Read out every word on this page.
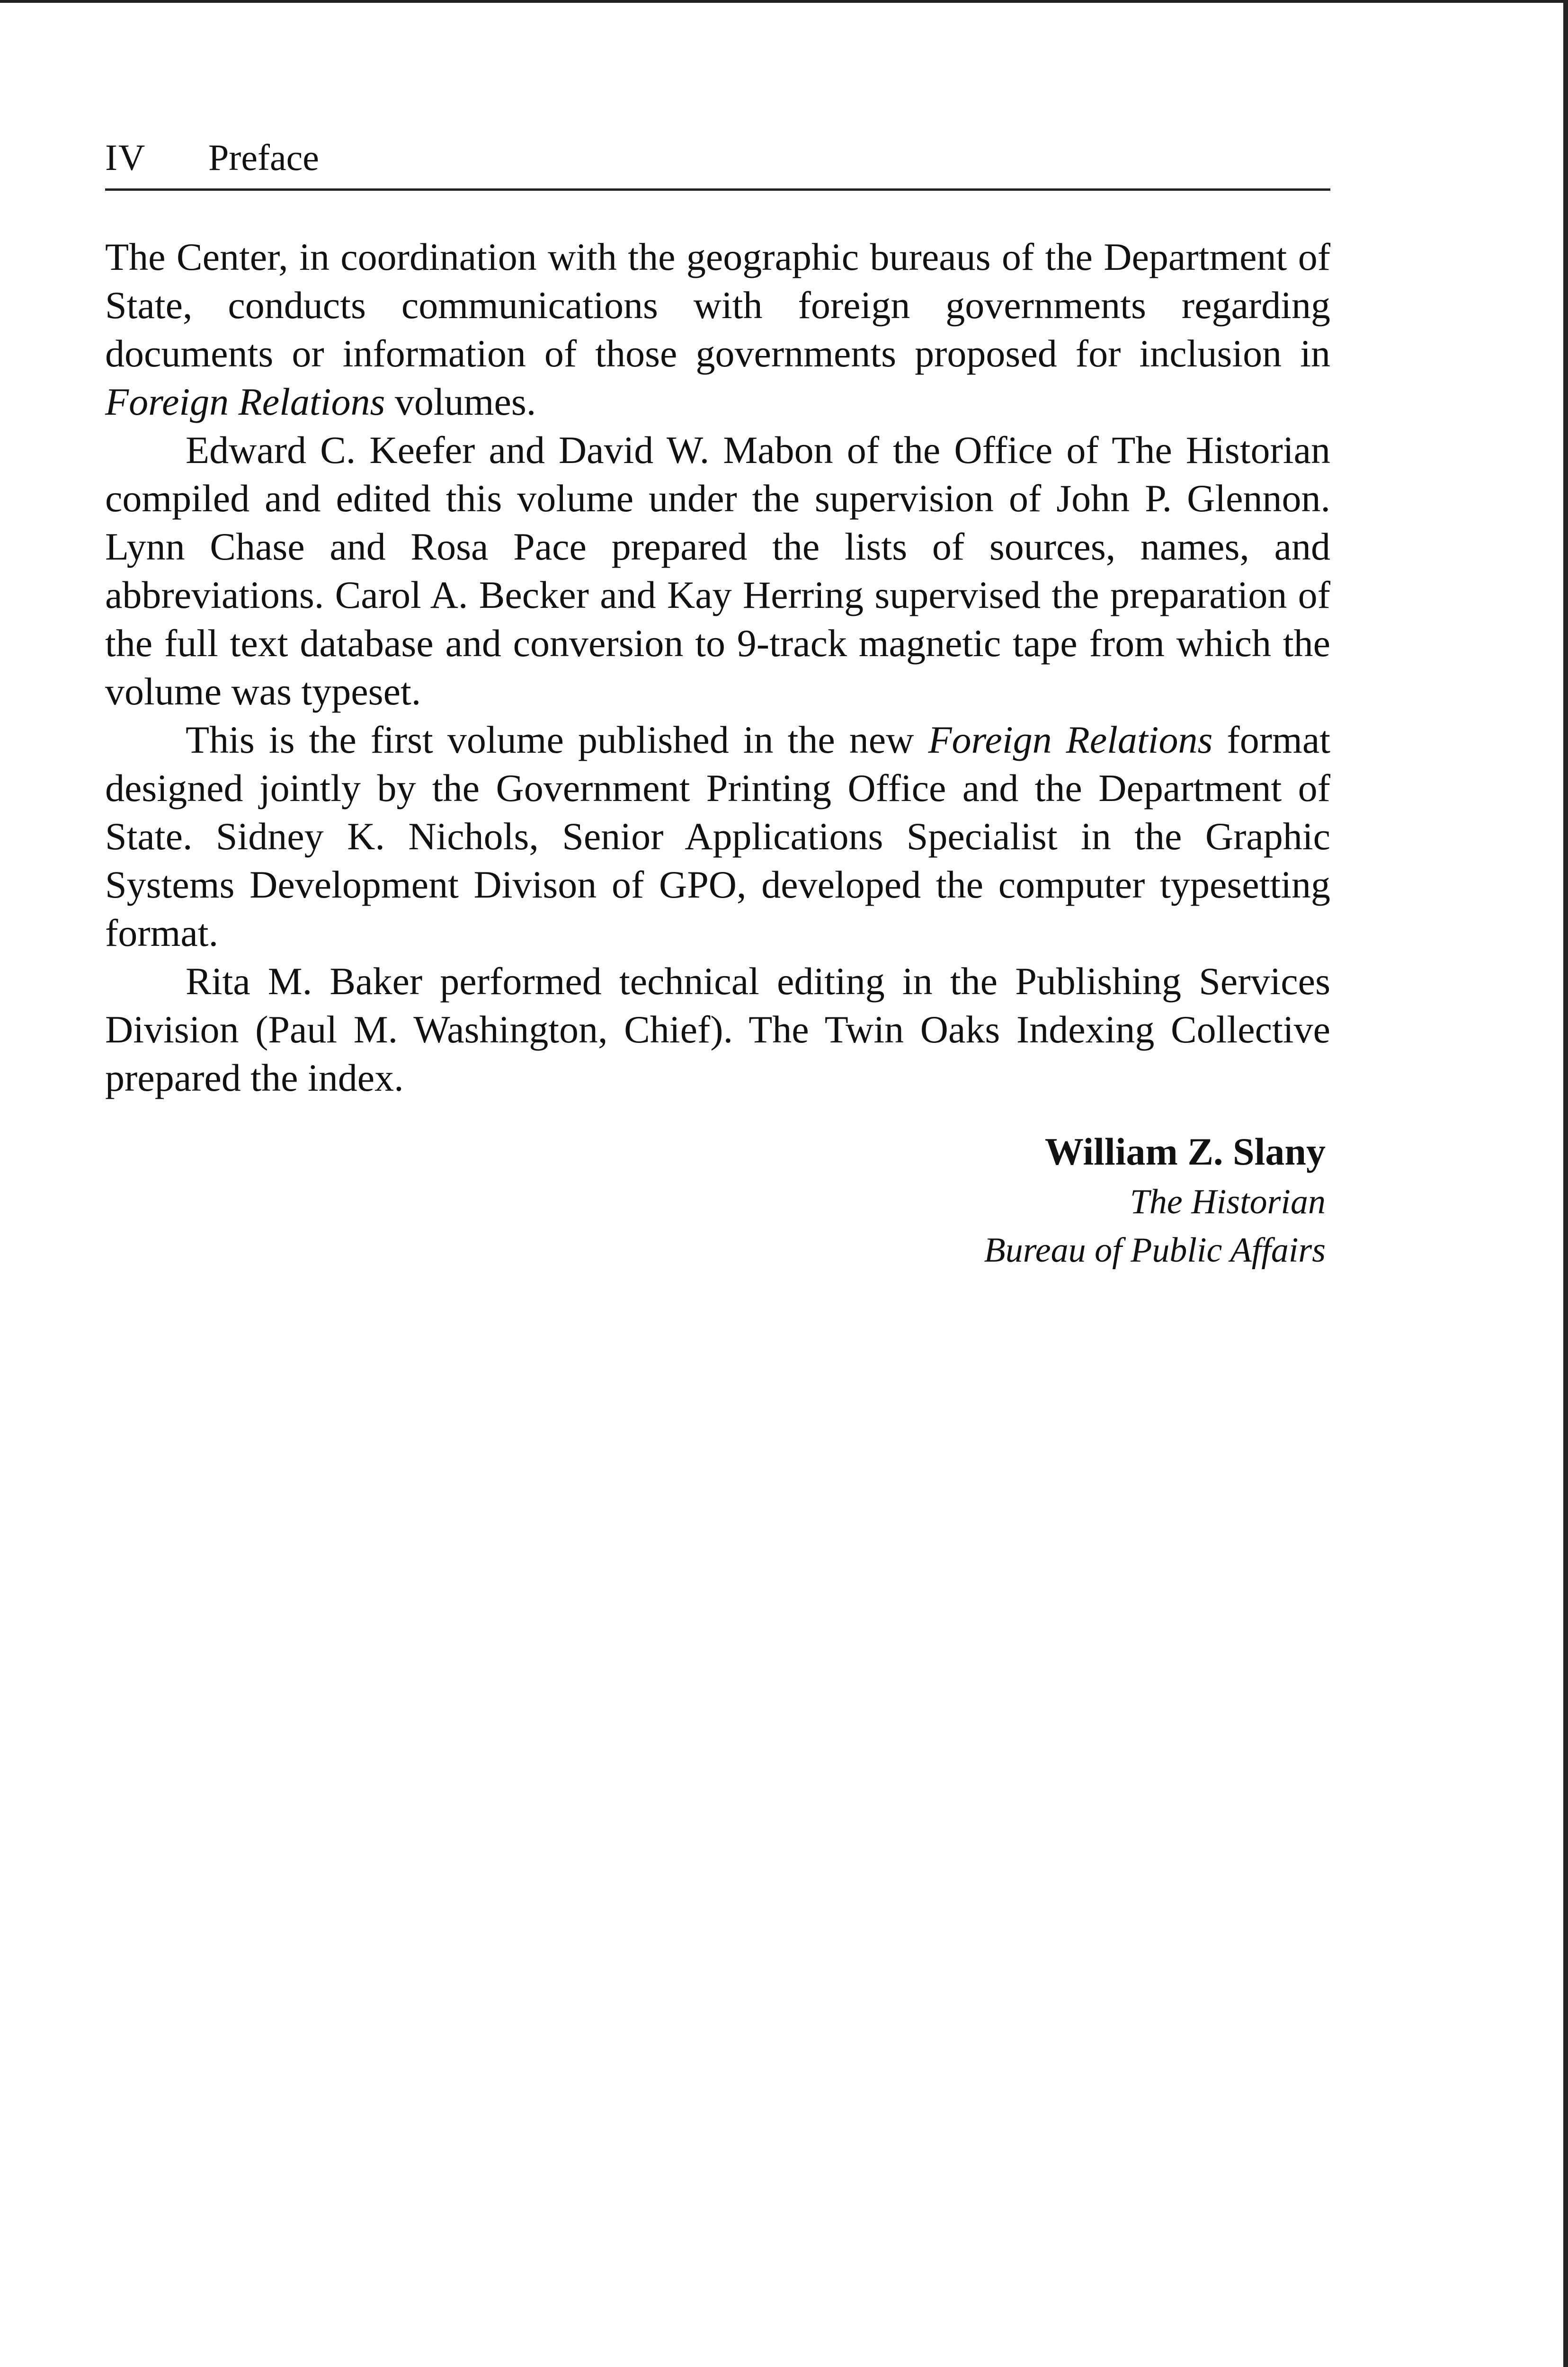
IV Preface

The Center, in coordination with the geographic bureaus of the Department of State, conducts communications with foreign governments regarding documents or information of those governments proposed for inclusion in Foreign Relations volumes.

Edward C. Keefer and David W. Mabon of the Office of The Historian compiled and edited this volume under the supervision of John P. Glennon. Lynn Chase and Rosa Pace prepared the lists of sources, names, and abbreviations. Carol A. Becker and Kay Herring supervised the preparation of the full text database and conversion to 9-track magnetic tape from which the volume was typeset.

This is the first volume published in the new Foreign Relations format designed jointly by the Government Printing Office and the Department of State. Sidney K. Nichols, Senior Applications Specialist in the Graphic Systems Development Divison of GPO, developed the computer typesetting format.

Rita M. Baker performed technical editing in the Publishing Services Division (Paul M. Washington, Chief). The Twin Oaks Indexing Collective prepared the index.

William Z. Slany
The Historian
Bureau of Public Affairs
